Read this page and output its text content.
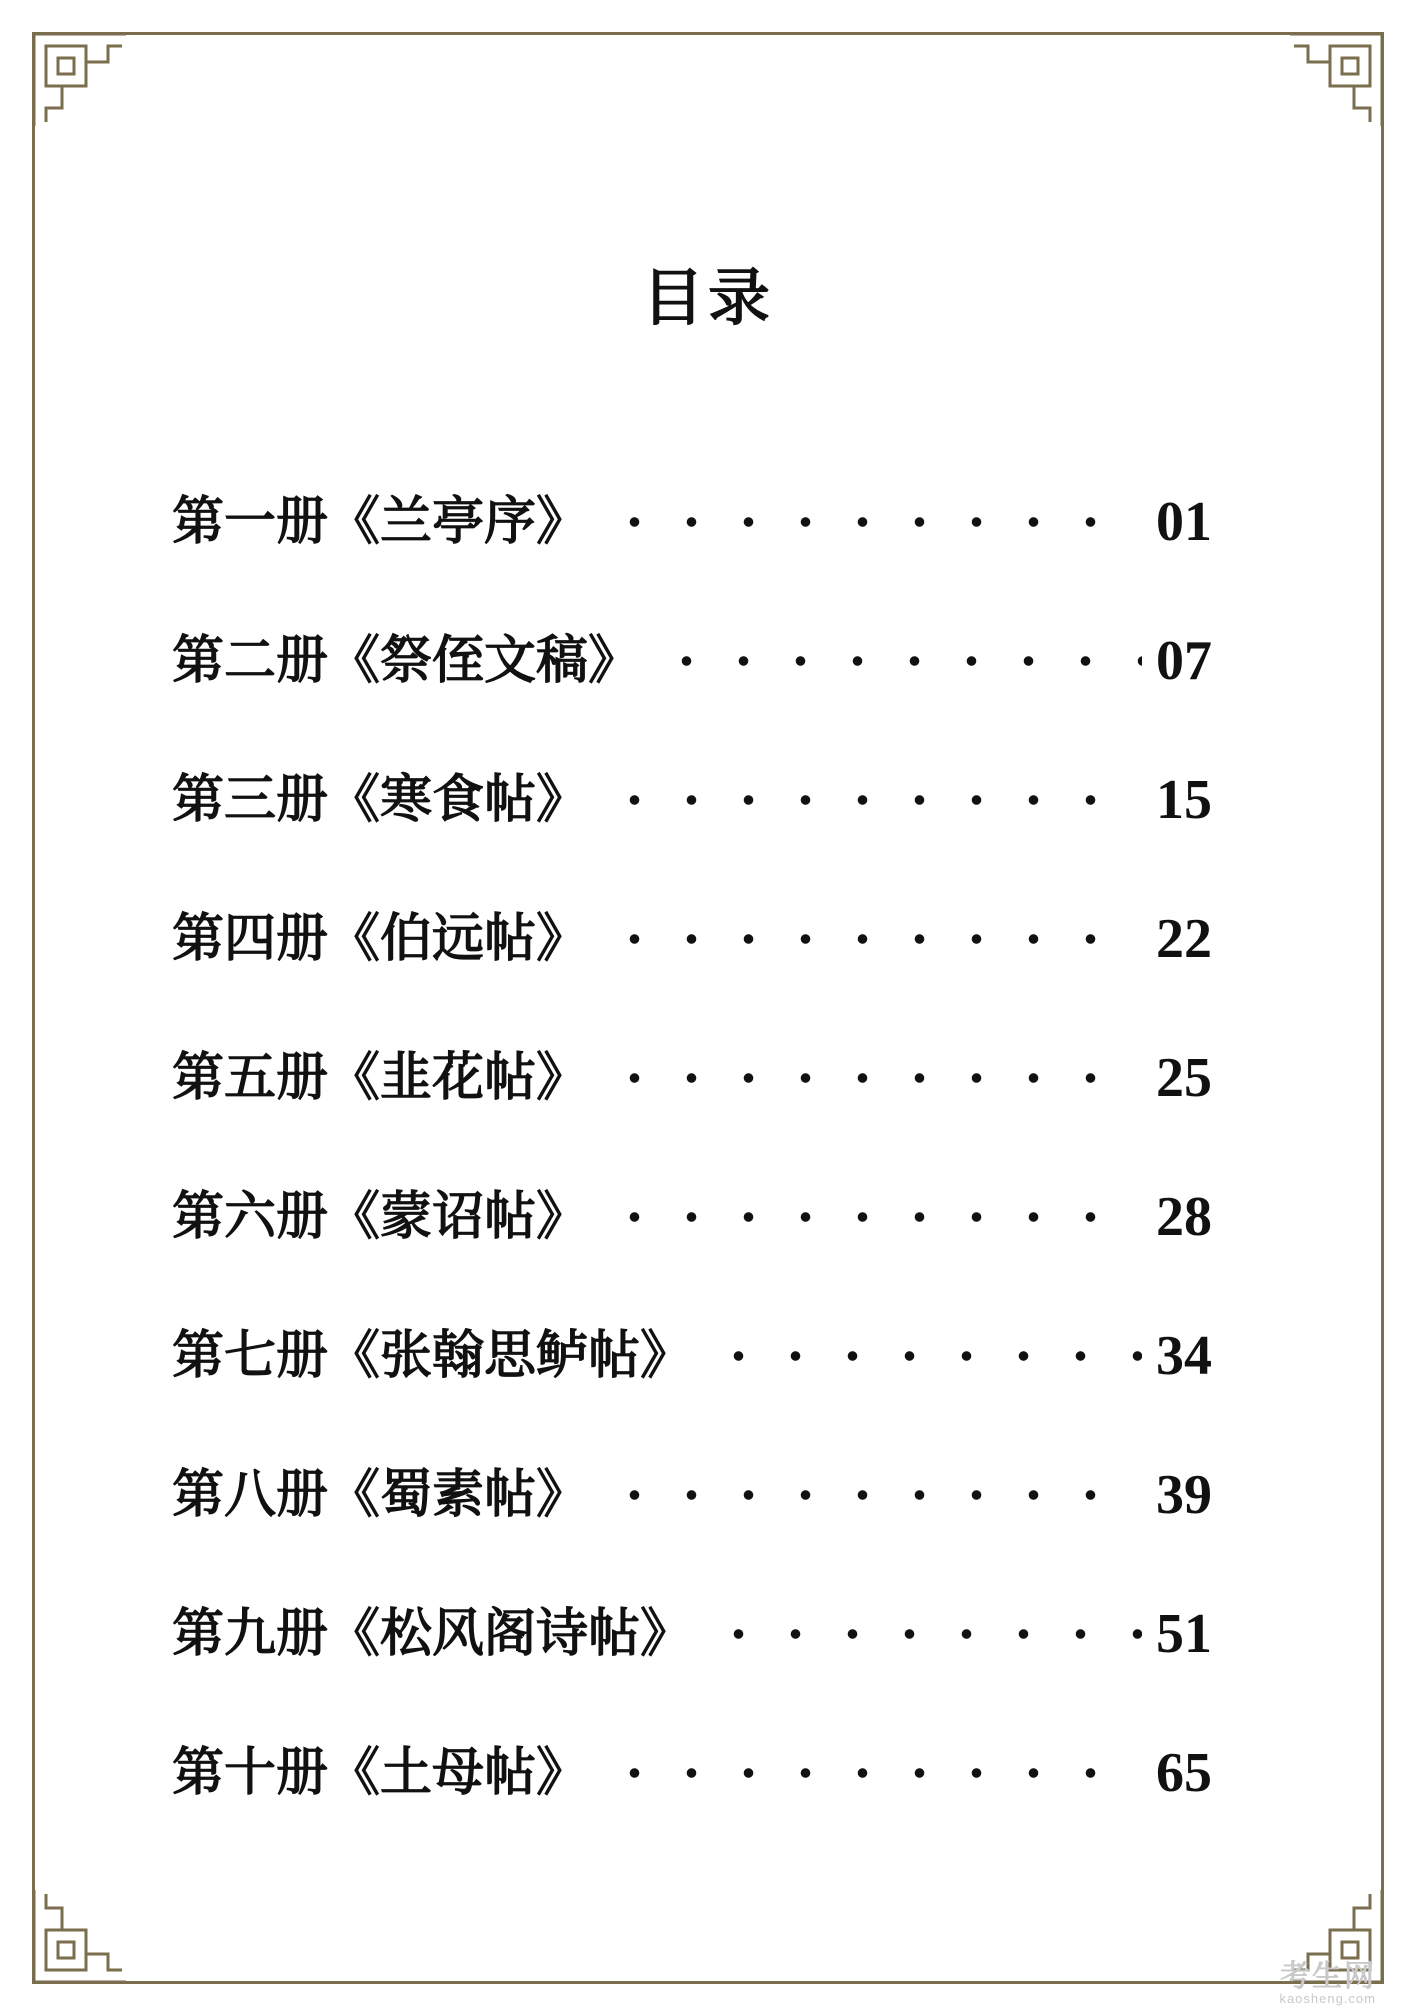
目录
第一册《兰亭序》	01
第二册《祭侄文稿》	07
第三册《寒食帖》	15
第四册《伯远帖》	22
第五册《韭花帖》	25
第六册《蒙诏帖》	28
第七册《张翰思鲈帖》	34
第八册《蜀素帖》	39
第九册《松风阁诗帖》	51
第十册《土母帖》	65
考生网
kaosheng.com
